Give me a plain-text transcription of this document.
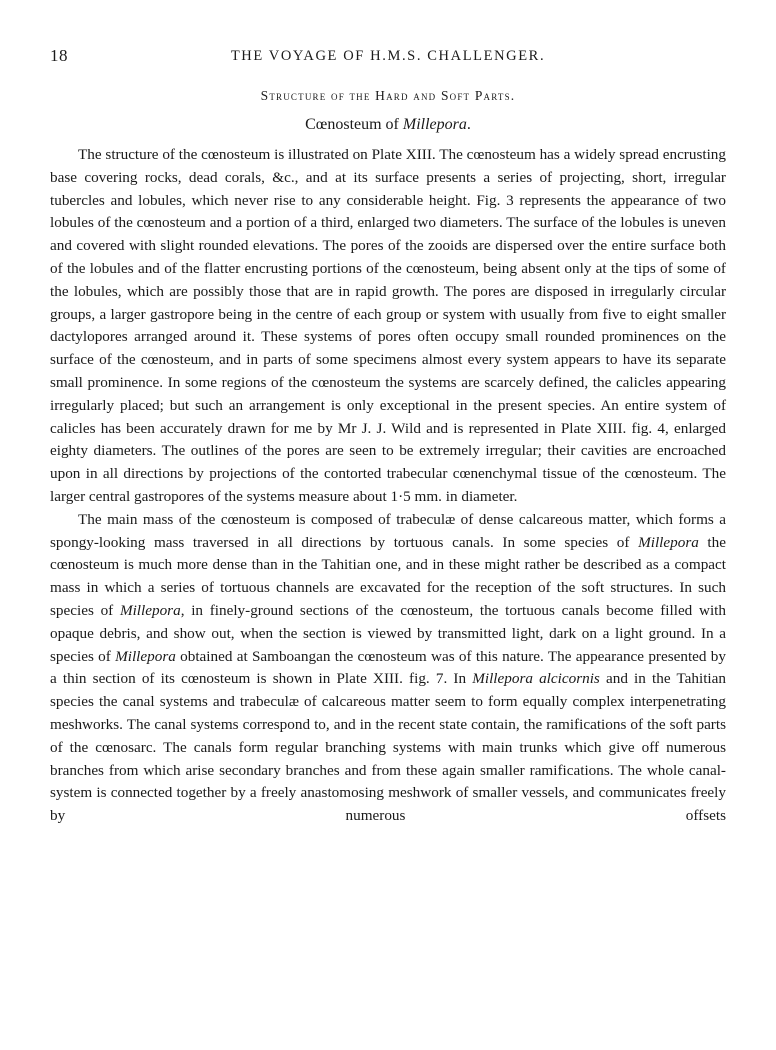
18	THE VOYAGE OF H.M.S. CHALLENGER.
Structure of the Hard and Soft Parts.
Cœnosteum of Millepora.

The structure of the cœnosteum is illustrated on Plate XIII. The cœnosteum has a widely spread encrusting base covering rocks, dead corals, &c., and at its surface presents a series of projecting, short, irregular tubercles and lobules, which never rise to any considerable height. Fig. 3 represents the appearance of two lobules of the cœnosteum and a portion of a third, enlarged two diameters. The surface of the lobules is uneven and covered with slight rounded elevations. The pores of the zooids are dispersed over the entire surface both of the lobules and of the flatter encrusting portions of the cœnosteum, being absent only at the tips of some of the lobules, which are possibly those that are in rapid growth. The pores are disposed in irregularly circular groups, a larger gastropore being in the centre of each group or system with usually from five to eight smaller dactylopores arranged around it. These systems of pores often occupy small rounded prominences on the surface of the cœnosteum, and in parts of some specimens almost every system appears to have its separate small prominence. In some regions of the cœnosteum the systems are scarcely defined, the calicles appearing irregularly placed; but such an arrangement is only exceptional in the present species. An entire system of calicles has been accurately drawn for me by Mr J. J. Wild and is represented in Plate XIII. fig. 4, enlarged eighty diameters. The outlines of the pores are seen to be extremely irregular; their cavities are encroached upon in all directions by projections of the contorted trabecular cœnenchymal tissue of the cœnosteum. The larger central gastropores of the systems measure about 1·5 mm. in diameter.

The main mass of the cœnosteum is composed of trabeculæ of dense calcareous matter, which forms a spongy-looking mass traversed in all directions by tortuous canals. In some species of Millepora the cœnosteum is much more dense than in the Tahitian one, and in these might rather be described as a compact mass in which a series of tortuous channels are excavated for the reception of the soft structures. In such species of Millepora, in finely-ground sections of the cœnosteum, the tortuous canals become filled with opaque debris, and show out, when the section is viewed by transmitted light, dark on a light ground. In a species of Millepora obtained at Samboangan the cœnosteum was of this nature. The appearance presented by a thin section of its cœnosteum is shown in Plate XIII. fig. 7. In Millepora alcicornis and in the Tahitian species the canal systems and trabeculæ of calcareous matter seem to form equally complex interpenetrating meshworks. The canal systems correspond to, and in the recent state contain, the ramifications of the soft parts of the cœnosarc. The canals form regular branching systems with main trunks which give off numerous branches from which arise secondary branches and from these again smaller ramifications. The whole canal-system is connected together by a freely anastomosing meshwork of smaller vessels, and communicates freely by numerous offsets
